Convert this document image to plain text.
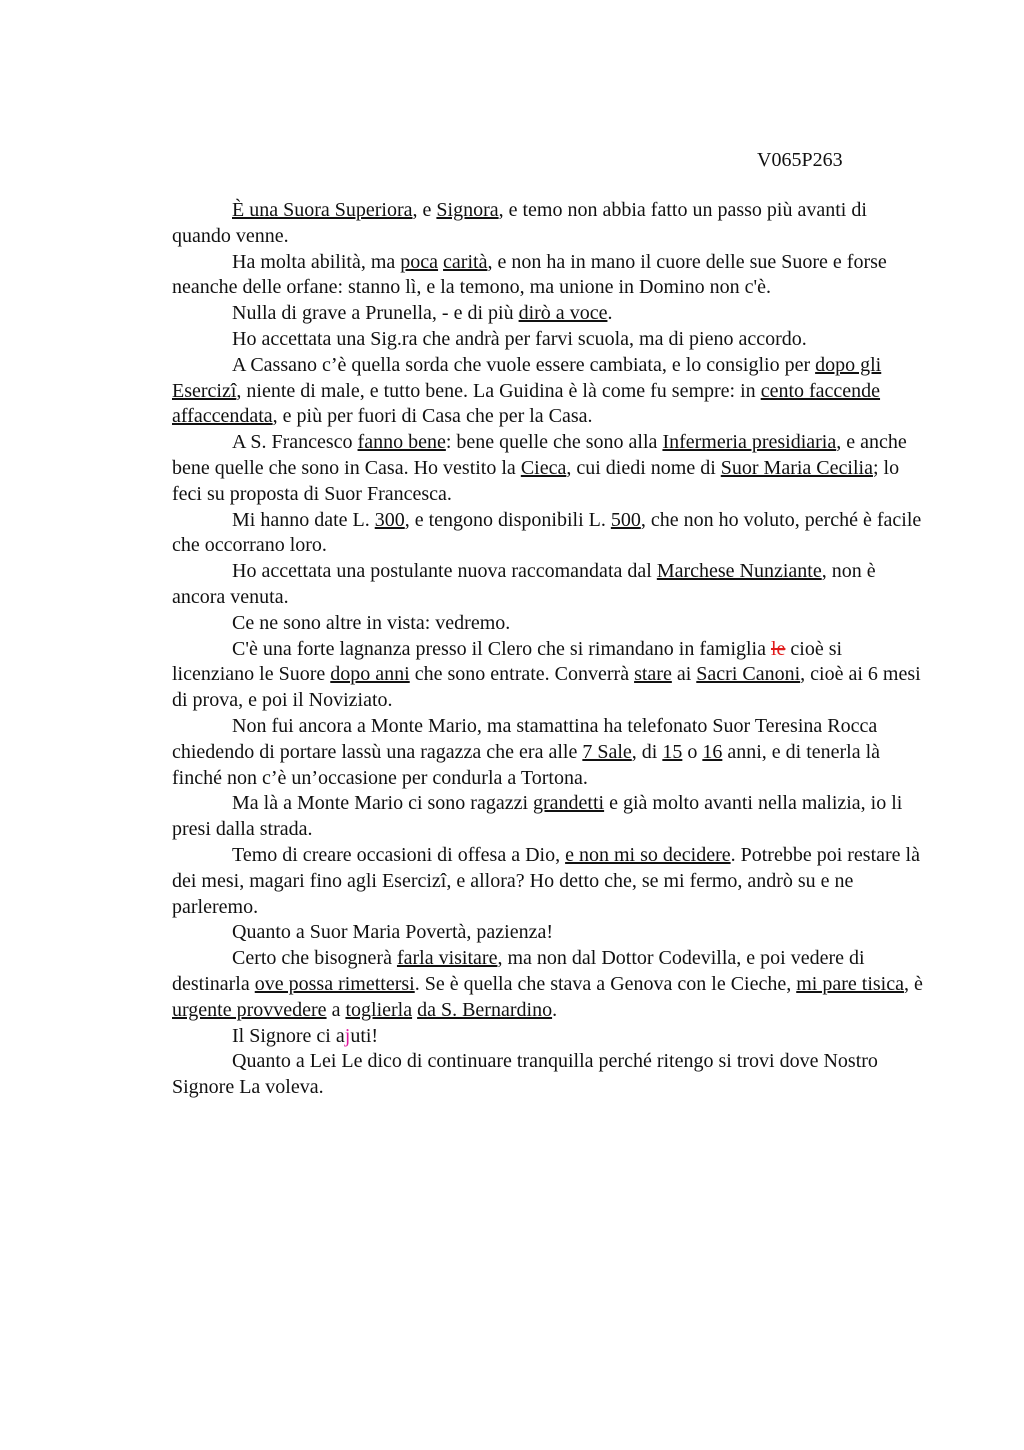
V065P263

È una Suora Superiora, e Signora, e temo non abbia fatto un passo più avanti di quando venne.

Ha molta abilità, ma poca carità, e non ha in mano il cuore delle sue Suore e forse neanche delle orfane: stanno lì, e la temono, ma unione in Domino non c'è.

Nulla di grave a Prunella, - e di più dirò a voce.

Ho accettata una Sig.ra che andrà per farvi scuola, ma di pieno accordo.

A Cassano c’è quella sorda che vuole essere cambiata, e lo consiglio per dopo gli Esercizi, niente di male, e tutto bene. La Guidina è là come fu sempre: in cento faccende affaccendata, e più per fuori di Casa che per la Casa.

A S. Francesco fanno bene: bene quelle che sono alla Infermeria presidiaria, e anche bene quelle che sono in Casa. Ho vestito la Cieca, cui diedi nome di Suor Maria Cecilia; lo feci su proposta di Suor Francesca.

Mi hanno date L. 300, e tengono disponibili L. 500, che non ho voluto, perché è facile che occorrano loro.

Ho accettata una postulante nuova raccomandata dal Marchese Nunziante, non è ancora venuta.

Ce ne sono altre in vista: vedremo.

C'è una forte lagnanza presso il Clero che si rimandano in famiglia le cioè si licenziano le Suore dopo anni che sono entrate. Converrà stare ai Sacri Canoni, cioè ai 6 mesi di prova, e poi il Noviziato.

Non fui ancora a Monte Mario, ma stamattina ha telefonato Suor Teresina Rocca chiedendo di portare lassù una ragazza che era alle 7 Sale, di 15 o 16 anni, e di tenerla là finché non c’è un’occasione per condurla a Tortona.

Ma là a Monte Mario ci sono ragazzi grandetti e già molto avanti nella malizia, io li presi dalla strada.

Temo di creare occasioni di offesa a Dio, e non mi so decidere. Potrebbe poi restare là dei mesi, magari fino agli Esercizi, e allora? Ho detto che, se mi fermo, andrò su e ne parleremo.

Quanto a Suor Maria Povertà, pazienza!

Certo che bisognerà farla visitare, ma non dal Dottor Codevilla, e poi vedere di destinarla ove possa rimettersi. Se è quella che stava a Genova con le Cieche, mi pare tisica, è urgente provvedere a toglierla da S. Bernardino.

Il Signore ci ajuti!

Quanto a Lei Le dico di continuare tranquilla perché ritengo si trovi dove Nostro Signore La voleva.
